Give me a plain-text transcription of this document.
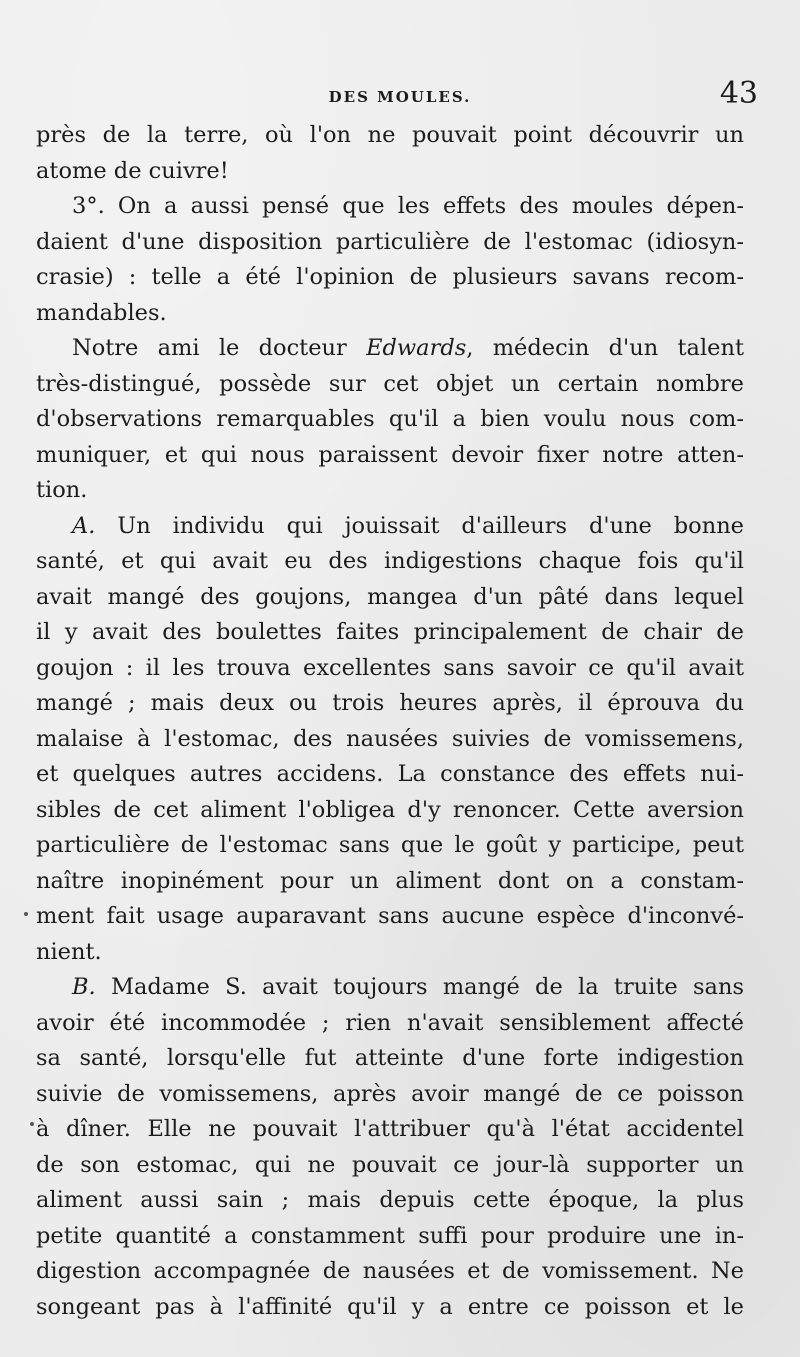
DES MOULES.	43
près de la terre, où l'on ne pouvait point découvrir un
atome de cuivre!
3°. On a aussi pensé que les effets des moules dépen-
daient d'une disposition particulière de l'estomac (idiosyn-
crasie) : telle a été l'opinion de plusieurs savans recom-
mandables.
Notre ami le docteur Edwards, médecin d'un talent
très-distingué, possède sur cet objet un certain nombre
d'observations remarquables qu'il a bien voulu nous com-
muniquer, et qui nous paraissent devoir fixer notre atten-
tion.
A. Un individu qui jouissait d'ailleurs d'une bonne
santé, et qui avait eu des indigestions chaque fois qu'il
avait mangé des goujons, mangea d'un pâté dans lequel
il y avait des boulettes faites principalement de chair de
goujon : il les trouva excellentes sans savoir ce qu'il avait
mangé ; mais deux ou trois heures après, il éprouva du
malaise à l'estomac, des nausées suivies de vomissemens,
et quelques autres accidens. La constance des effets nui-
sibles de cet aliment l'obligea d'y renoncer. Cette aversion
particulière de l'estomac sans que le goût y participe, peut
naître inopinément pour un aliment dont on a constam-
ment fait usage auparavant sans aucune espèce d'inconvé-
nient.
B. Madame S. avait toujours mangé de la truite sans
avoir été incommodée ; rien n'avait sensiblement affecté
sa santé, lorsqu'elle fut atteinte d'une forte indigestion
suivie de vomissemens, après avoir mangé de ce poisson
à dîner. Elle ne pouvait l'attribuer qu'à l'état accidentel
de son estomac, qui ne pouvait ce jour-là supporter un
aliment aussi sain ; mais depuis cette époque, la plus
petite quantité a constamment suffi pour produire une in-
digestion accompagnée de nausées et de vomissement. Ne
songeant pas à l'affinité qu'il y a entre ce poisson et le
